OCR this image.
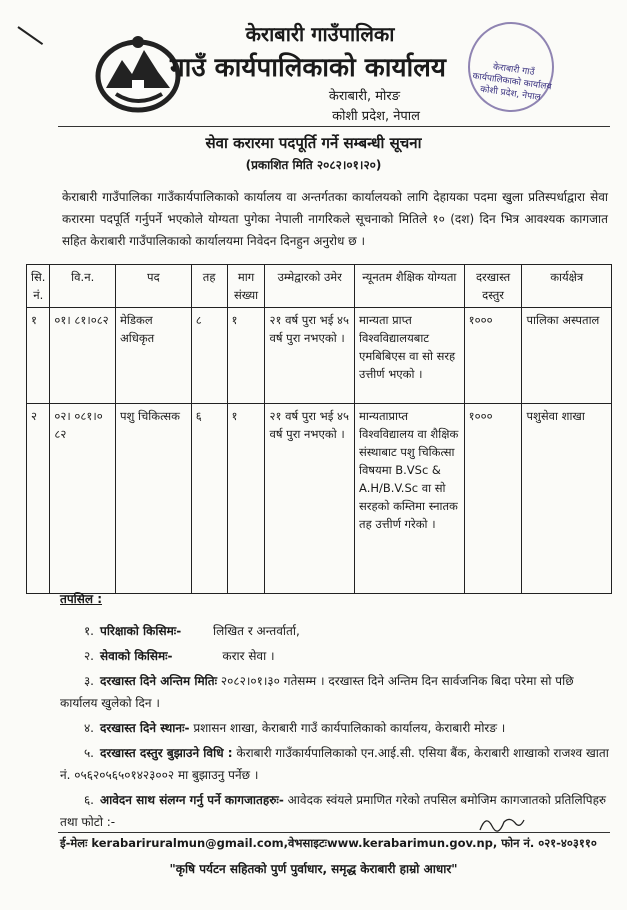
केराबारी गाउँपालिका
गाउँ कार्यपालिकाको कार्यालय
केराबारी, मोरङ
कोशी प्रदेश, नेपाल
केराबारी गाउँ कार्यपालिकाको कार्यालय कोशी प्रदेश, नेपाल
सेवा करारमा पदपूर्ति गर्ने सम्बन्धी सूचना
(प्रकाशित मिति २०८२।०१।२०)
केराबारी गाउँपालिका गाउँकार्यपालिकाको कार्यालय वा अन्तर्गतका कार्यालयको लागि देहायका पदमा खुला प्रतिस्पर्धाद्वारा सेवा करारमा पदपूर्ति गर्नुपर्ने भएकोले योग्यता पुगेका नेपाली नागरिकले सूचनाको मितिले १० (दश) दिन भित्र आवश्यक कागजात सहित केराबारी गाउँपालिकाको कार्यालयमा निवेदन दिनहुन अनुरोध छ ।
सि. नं.	वि.न.	पद	तह	माग संख्या	उम्मेद्वारको उमेर	न्यूनतम शैक्षिक योग्यता	दरखास्त दस्तुर	कार्यक्षेत्र
१	०१। ८१।०८२	मेडिकल अधिकृत	८	१	२१ वर्ष पुरा भई ४५ वर्ष पुरा नभएको ।	मान्यता प्राप्त विश्वविद्यालयबाट एमबिबिएस वा सो सरह उत्तीर्ण भएको ।	१०००	पालिका अस्पताल
२	०२। ०८१।० ८२	पशु चिकित्सक	६	१	२१ वर्ष पुरा भई ४५ वर्ष पुरा नभएको ।	मान्यताप्राप्त विश्वविद्यालय वा शैक्षिक संस्थाबाट पशु चिकित्सा विषयमा B.VSc & A.H/B.V.Sc वा सो सरहको कम्तिमा स्नातक तह उत्तीर्ण गरेको ।	१०००	पशुसेवा शाखा
तपसिल :
१. परिक्षाको किसिमः-	लिखित र अन्तर्वार्ता,
२. सेवाको किसिमः-	करार सेवा ।
३. दरखास्त दिने अन्तिम मितिः २०८२।०१।३० गतेसम्म । दरखास्त दिने अन्तिम दिन सार्वजनिक बिदा परेमा सो पछि कार्यालय खुलेको दिन ।
४. दरखास्त दिने स्थानः- प्रशासन शाखा, केराबारी गाउँ कार्यपालिकाको कार्यालय, केराबारी मोरङ ।
५. दरखास्त दस्तुर बुझाउने विधि : केराबारी गाउँकार्यपालिकाको एन.आई.सी. एसिया बैंक, केराबारी शाखाको राजश्व खाता नं. ०५६२०५६५०१४२३००२ मा बुझाउनु पर्नेछ ।
६. आवेदन साथ संलग्न गर्नु पर्ने कागजातहरुः- आवेदक स्वंयले प्रमाणित गरेको तपसिल बमोजिम कागजातको प्रतिलिपिहरु तथा फोटो :-
ई-मेलः kerabariruralmun@gmail.com,वेभसाइटःwww.kerabarimun.gov.np, फोन नं. ०२१-४०३११०
"कृषि पर्यटन सहितको पुर्ण पुर्वाधार, समृद्ध केराबारी हाम्रो आधार"
